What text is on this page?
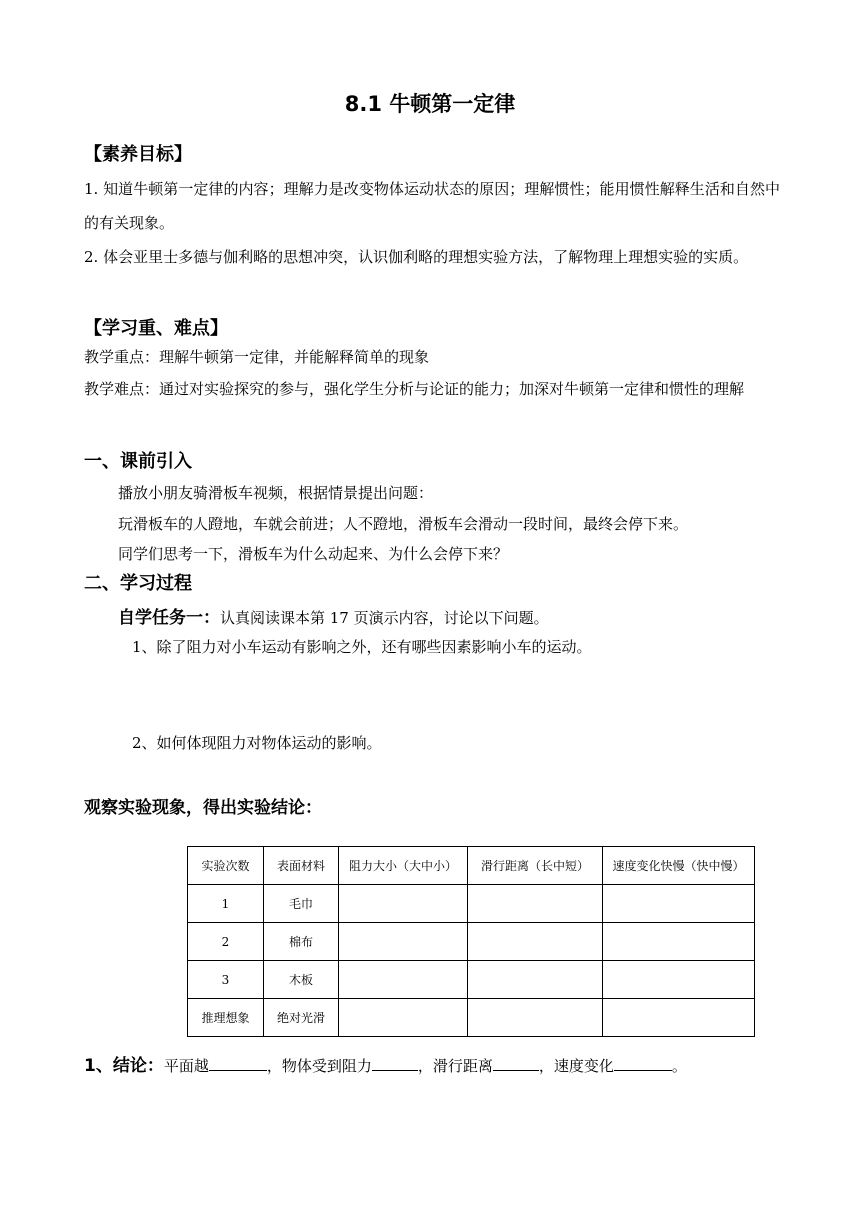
8.1 牛顿第一定律
【素养目标】
1. 知道牛顿第一定律的内容；理解力是改变物体运动状态的原因；理解惯性；能用惯性解释生活和自然中的有关现象。
2. 体会亚里士多德与伽利略的思想冲突，认识伽利略的理想实验方法，了解物理上理想实验的实质。
【学习重、难点】
教学重点：理解牛顿第一定律，并能解释简单的现象
教学难点：通过对实验探究的参与，强化学生分析与论证的能力；加深对牛顿第一定律和惯性的理解
一、课前引入
播放小朋友骑滑板车视频，根据情景提出问题：
玩滑板车的人蹬地，车就会前进；人不蹬地，滑板车会滑动一段时间，最终会停下来。
同学们思考一下，滑板车为什么动起来、为什么会停下来？
二、学习过程
自学任务一：认真阅读课本第 17 页演示内容，讨论以下问题。
1、除了阻力对小车运动有影响之外，还有哪些因素影响小车的运动。
2、如何体现阻力对物体运动的影响。
观察实验现象，得出实验结论：
实验次数	表面材料	阻力大小（大中小）	滑行距离（长中短）	速度变化快慢（快中慢）
1	毛巾			
2	棉布			
3	木板			
推理想象	绝对光滑			
1、结论：平面越	，物体受到阻力	，滑行距离	，速度变化	。
